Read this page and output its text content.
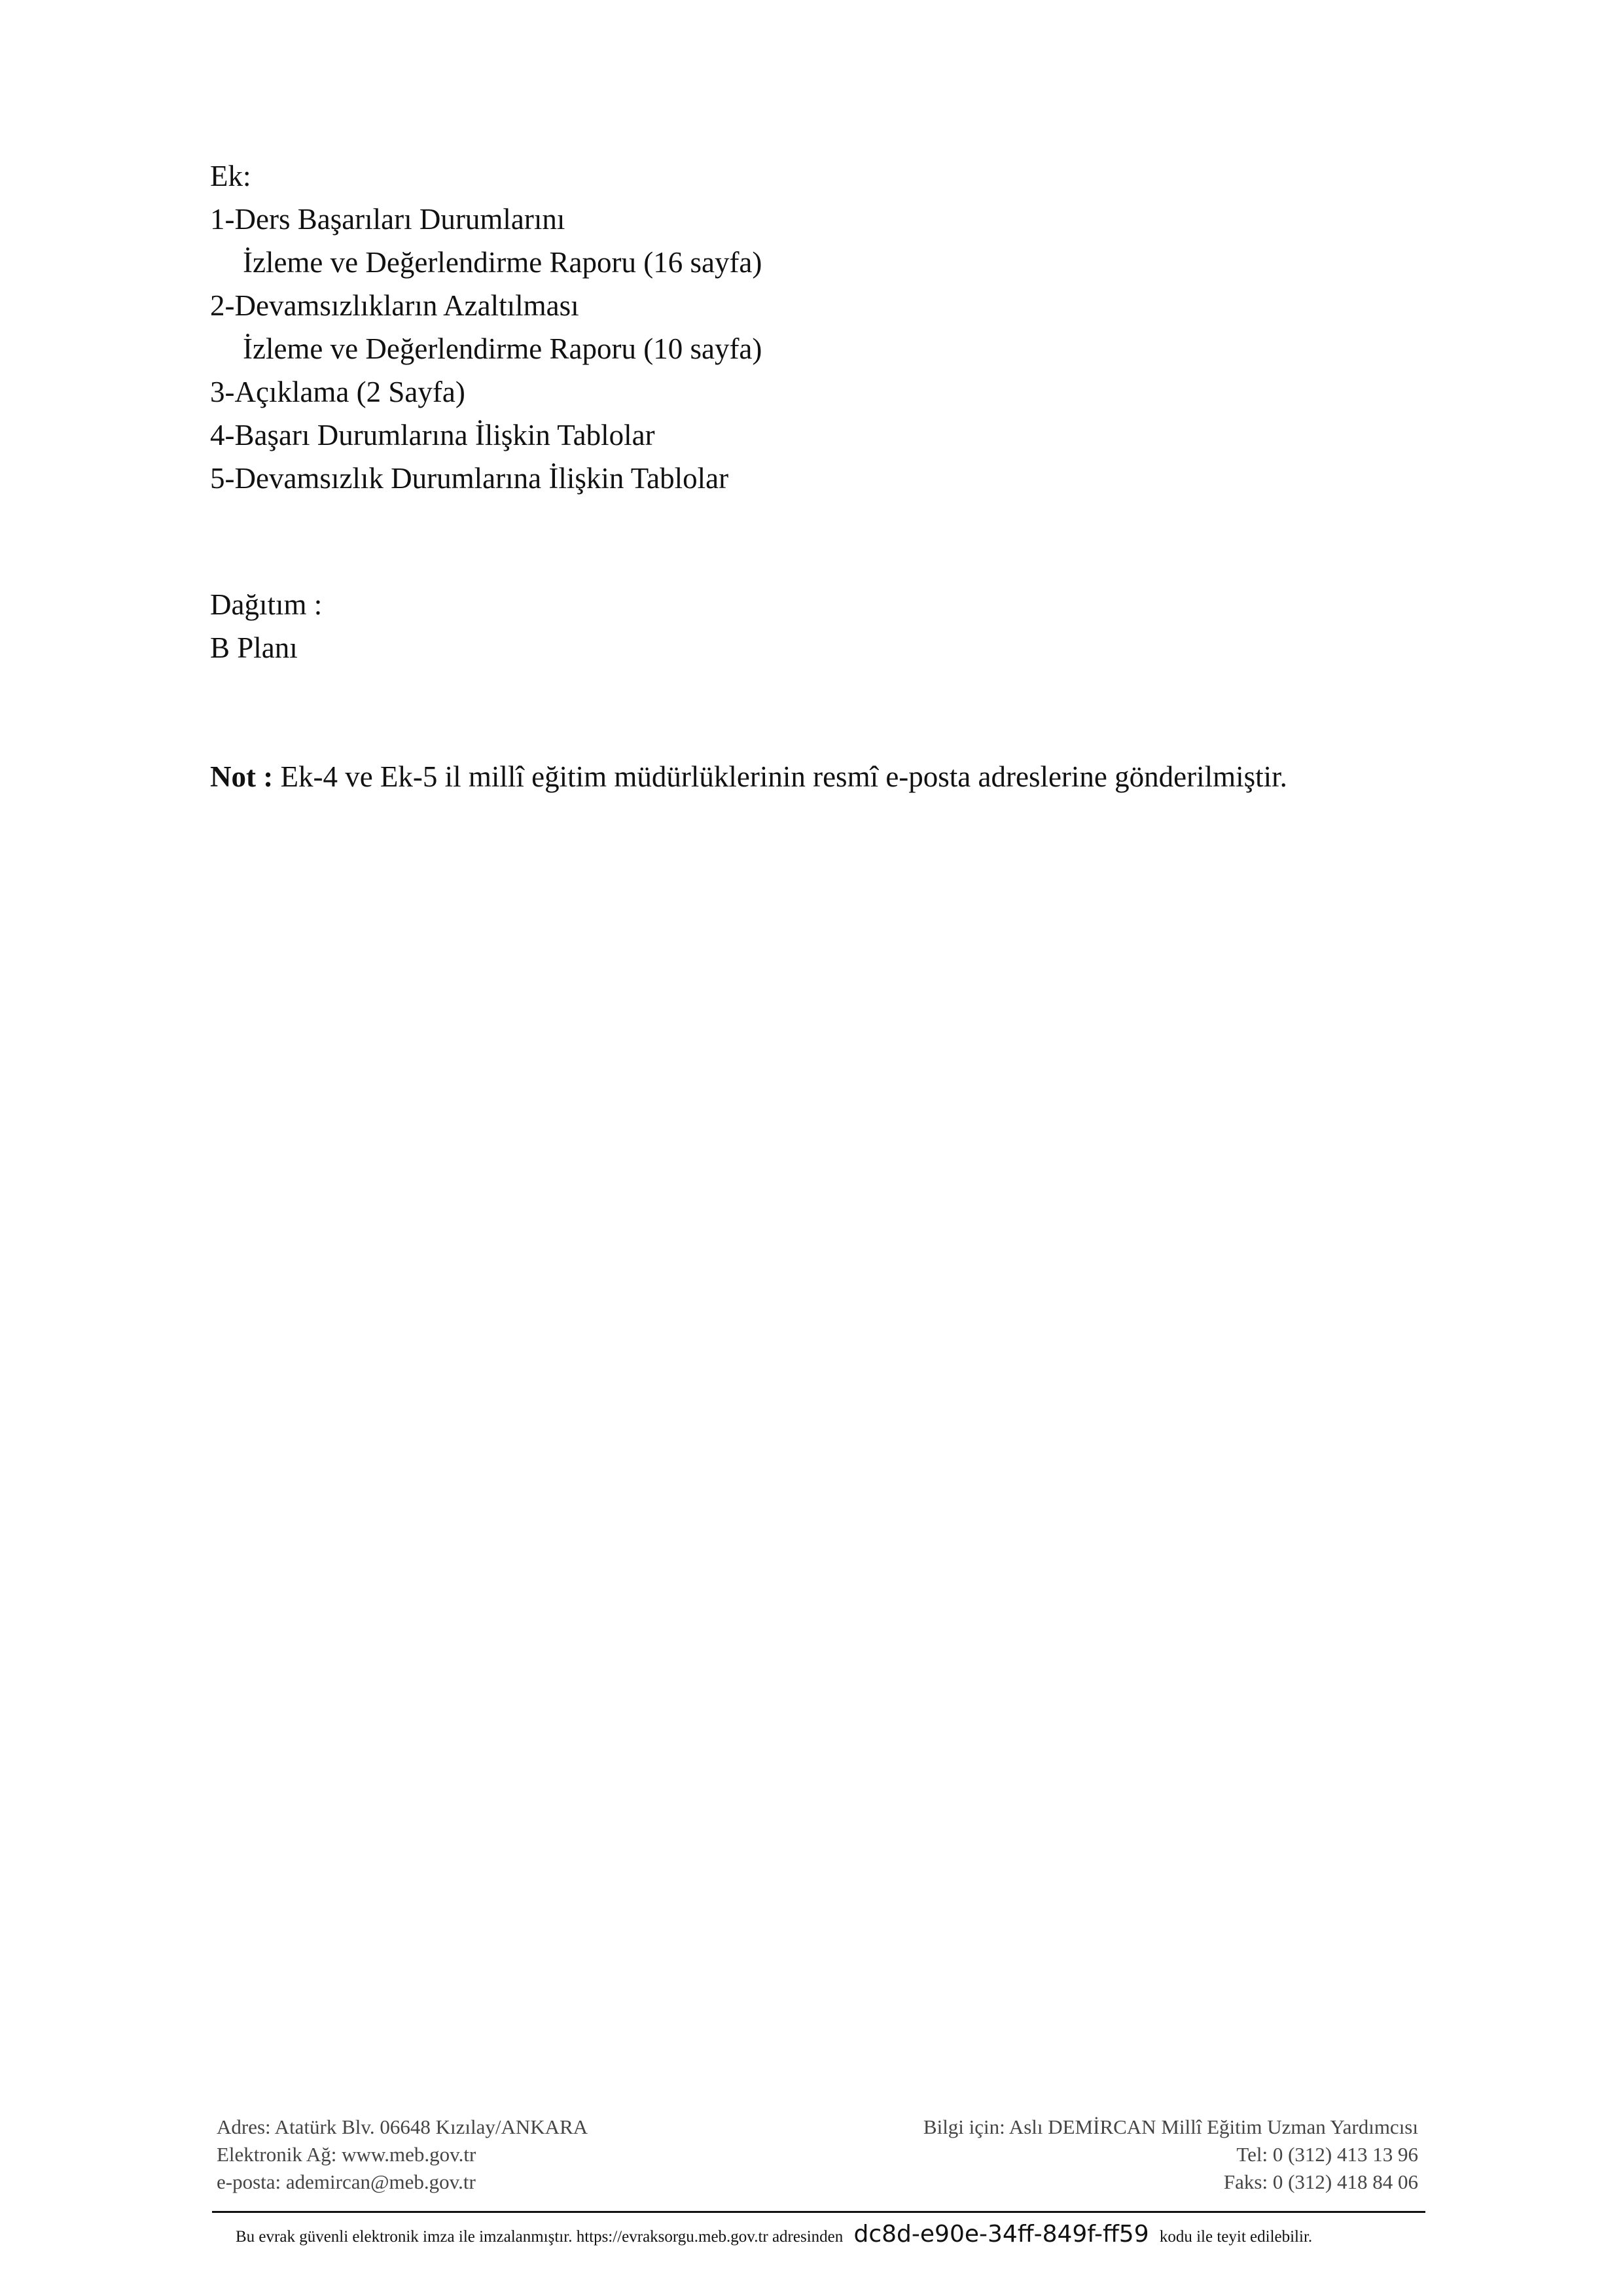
Ek:
1-Ders Başarıları Durumlarını
İzleme ve Değerlendirme Raporu (16 sayfa)
2-Devamsızlıkların Azaltılması
İzleme ve Değerlendirme Raporu (10 sayfa)
3-Açıklama (2 Sayfa)
4-Başarı Durumlarına İlişkin Tablolar
5-Devamsızlık Durumlarına İlişkin Tablolar
Dağıtım :
B Planı
Not : Ek-4 ve Ek-5 il millî eğitim müdürlüklerinin resmî e-posta adreslerine gönderilmiştir.
Adres: Atatürk Blv. 06648 Kızılay/ANKARA
Elektronik Ağ: www.meb.gov.tr
e-posta: ademircan@meb.gov.tr
Bilgi için: Aslı DEMİRCAN Millî Eğitim Uzman Yardımcısı
Tel: 0 (312) 413 13 96
Faks: 0 (312) 418 84 06
Bu evrak güvenli elektronik imza ile imzalanmıştır. https://evraksorgu.meb.gov.tr adresinden dc8d-e90e-34ff-849f-ff59 kodu ile teyit edilebilir.
